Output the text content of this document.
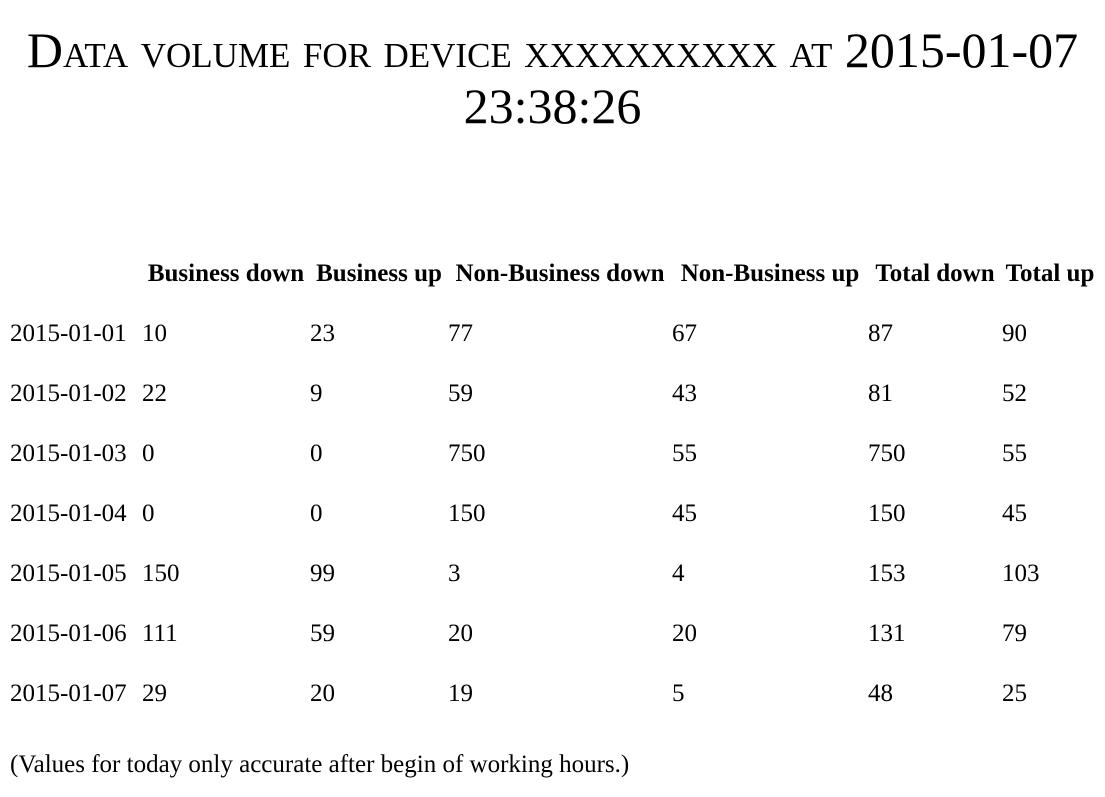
Data volume for device xxxxxxxxxx at 2015-01-07 23:38:26
	Business down	Business up	Non-Business down	Non-Business up	Total down	Total up
2015-01-01	10	23	77	67	87	90
2015-01-02	22	9	59	43	81	52
2015-01-03	0	0	750	55	750	55
2015-01-04	0	0	150	45	150	45
2015-01-05	150	99	3	4	153	103
2015-01-06	111	59	20	20	131	79
2015-01-07	29	20	19	5	48	25

(Values for today only accurate after begin of working hours.)
